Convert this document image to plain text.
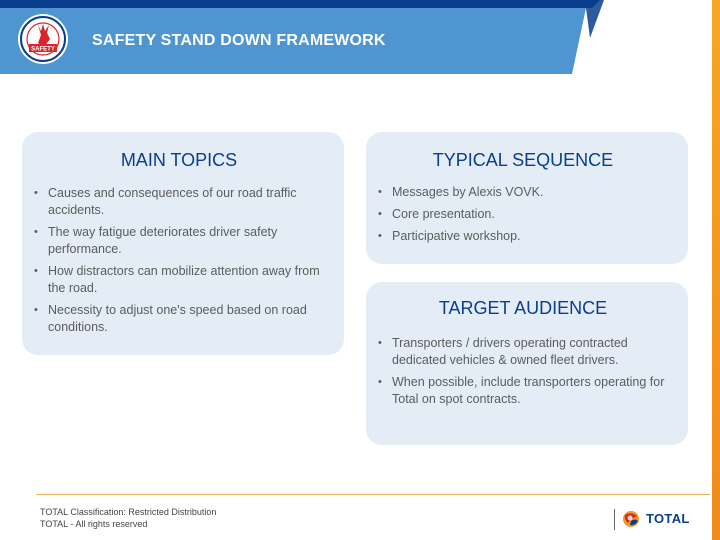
SAFETY
SAFETY STAND DOWN FRAMEWORK
MAIN TOPICS
• Causes and consequences of our road traffic accidents.
• The way fatigue deteriorates driver safety performance.
• How distractors can mobilize attention away from the road.
• Necessity to adjust one's speed based on road conditions.
TYPICAL SEQUENCE
• Messages by Alexis VOVK.
• Core presentation.
• Participative workshop.
TARGET AUDIENCE
• Transporters / drivers operating contracted dedicated vehicles & owned fleet drivers.
• When possible, include transporters operating for Total on spot contracts.
TOTAL Classification: Restricted Distribution
TOTAL - All rights reserved	TOTAL
